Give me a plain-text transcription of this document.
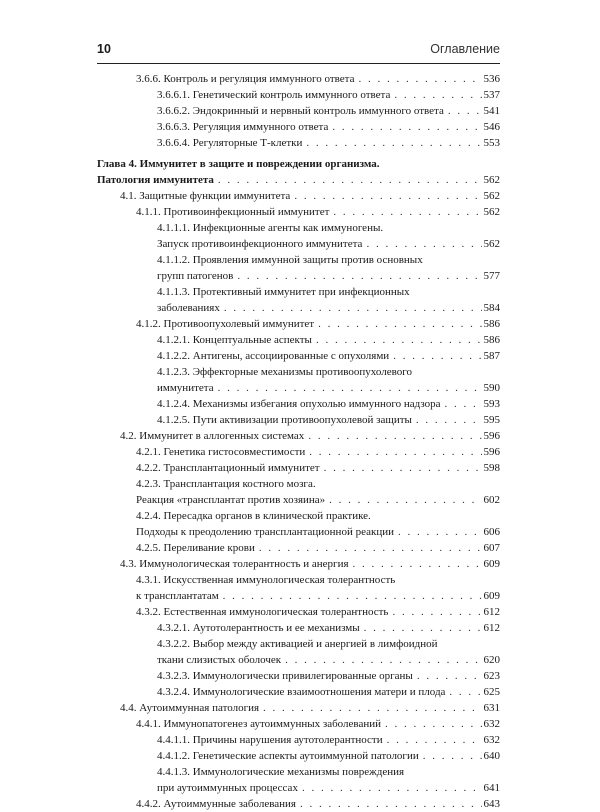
10	Оглавление
3.6.6. Контроль и регуляция иммунного ответа . . .	536
3.6.6.1. Генетический контроль иммунного ответа . . .	537
3.6.6.2. Эндокринный и нервный контроль иммунного ответа . . .	541
3.6.6.3. Регуляция иммунного ответа . . .	546
3.6.6.4. Регуляторные Т-клетки . . .	553
Глава 4. Иммунитет в защите и повреждении организма.
Патология иммунитета . . .	562
4.1. Защитные функции иммунитета . . .	562
4.1.1. Противоинфекционный иммунитет . . .	562
4.1.1.1. Инфекционные агенты как иммуногены.
Запуск противоинфекционного иммунитета . . .	562
4.1.1.2. Проявления иммунной защиты против основных
групп патогенов . . .	577
4.1.1.3. Протективный иммунитет при инфекционных
заболеваниях . . .	584
4.1.2. Противоопухолевый иммунитет . . .	586
4.1.2.1. Концептуальные аспекты . . .	586
4.1.2.2. Антигены, ассоциированные с опухолями . . .	587
4.1.2.3. Эффекторные механизмы противоопухолевого
иммунитета . . .	590
4.1.2.4. Механизмы избегания опухолью иммунного надзора . . .	593
4.1.2.5. Пути активизации противоопухолевой защиты . . .	595
4.2. Иммунитет в аллогенных системах . . .	596
4.2.1. Генетика гистосовместимости . . .	596
4.2.2. Трансплантационный иммунитет . . .	598
4.2.3. Трансплантация костного мозга.
Реакция «трансплантат против хозяина» . . .	602
4.2.4. Пересадка органов в клинической практике.
Подходы к преодолению трансплантационной реакции . . .	606
4.2.5. Переливание крови . . .	607
4.3. Иммунологическая толерантность и анергия . . .	609
4.3.1. Искусственная иммунологическая толерантность
к трансплантатам . . .	609
4.3.2. Естественная иммунологическая толерантность . . .	612
4.3.2.1. Аутотолерантность и ее механизмы . . .	612
4.3.2.2. Выбор между активацией и анергией в лимфоидной
ткани слизистых оболочек . . .	620
4.3.2.3. Иммунологически привилегированные органы . . .	623
4.3.2.4. Иммунологические взаимоотношения матери и плода . . .	625
4.4. Аутоиммунная патология . . .	631
4.4.1. Иммунопатогенез аутоиммунных заболеваний . . .	632
4.4.1.1. Причины нарушения аутотолерантности . . .	632
4.4.1.2. Генетические аспекты аутоиммунной патологии . . .	640
4.4.1.3. Иммунологические механизмы повреждения
при аутоиммунных процессах . . .	641
4.4.2. Аутоиммунные заболевания . . .	643
